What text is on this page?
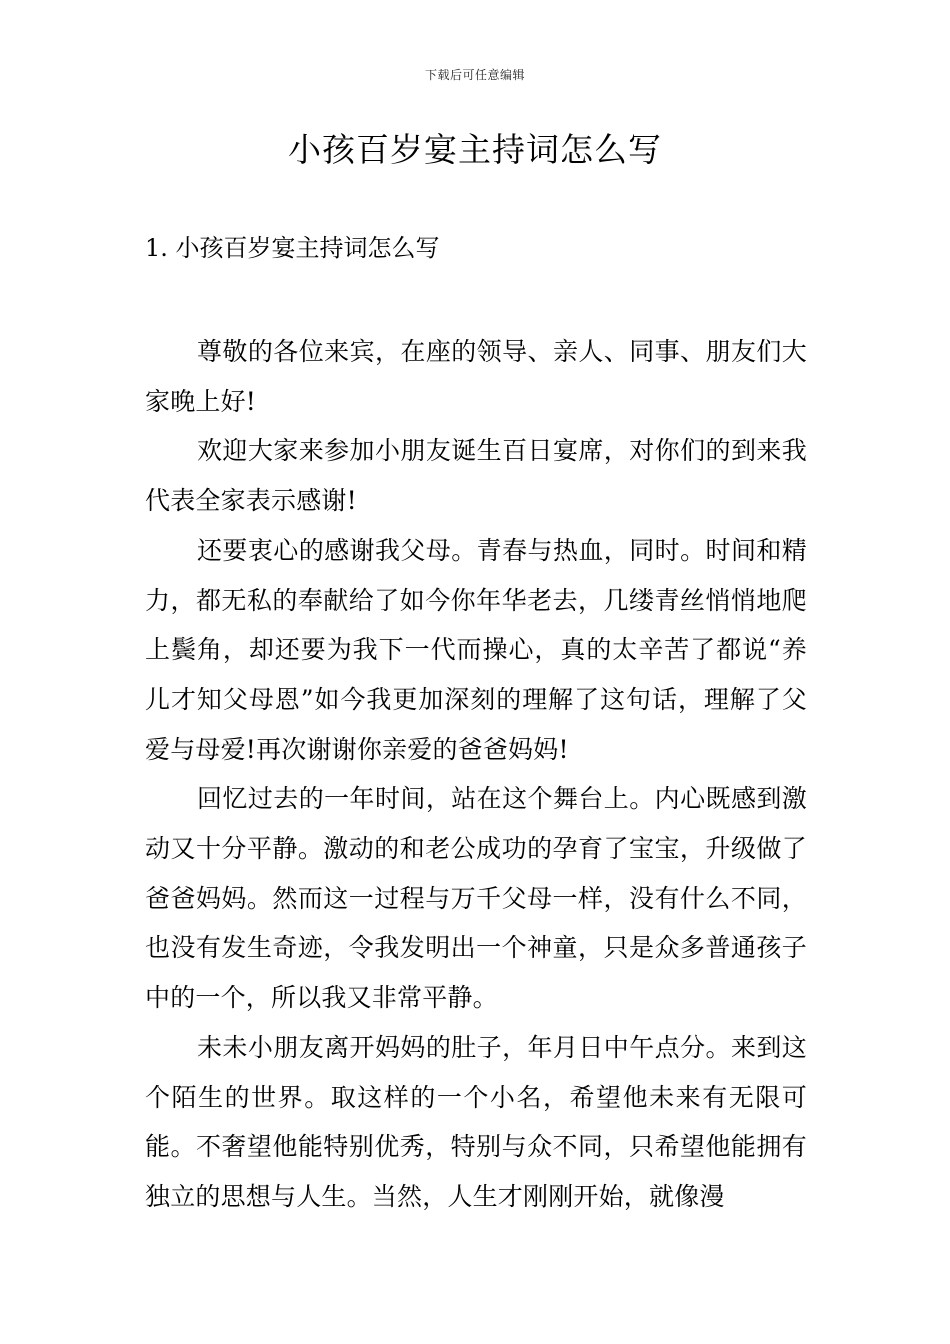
下载后可任意编辑
小孩百岁宴主持词怎么写
1. 小孩百岁宴主持词怎么写

尊敬的各位来宾，在座的领导、亲人、同事、朋友们大家晚上好!

欢迎大家来参加小朋友诞生百日宴席，对你们的到来我代表全家表示感谢!

还要衷心的感谢我父母。青春与热血，同时。时间和精力，都无私的奉献给了如今你年华老去，几缕青丝悄悄地爬上鬓角，却还要为我下一代而操心，真的太辛苦了都说“养儿才知父母恩”如今我更加深刻的理解了这句话，理解了父爱与母爱!再次谢谢你亲爱的爸爸妈妈!

回忆过去的一年时间，站在这个舞台上。内心既感到激动又十分平静。激动的和老公成功的孕育了宝宝，升级做了爸爸妈妈。然而这一过程与万千父母一样，没有什么不同，也没有发生奇迹，令我发明出一个神童，只是众多普通孩子中的一个，所以我又非常平静。

未未小朋友离开妈妈的肚子，年月日中午点分。来到这个陌生的世界。取这样的一个小名，希望他未来有无限可能。不奢望他能特别优秀，特别与众不同，只希望他能拥有独立的思想与人生。当然，人生才刚刚开始，就像漫
